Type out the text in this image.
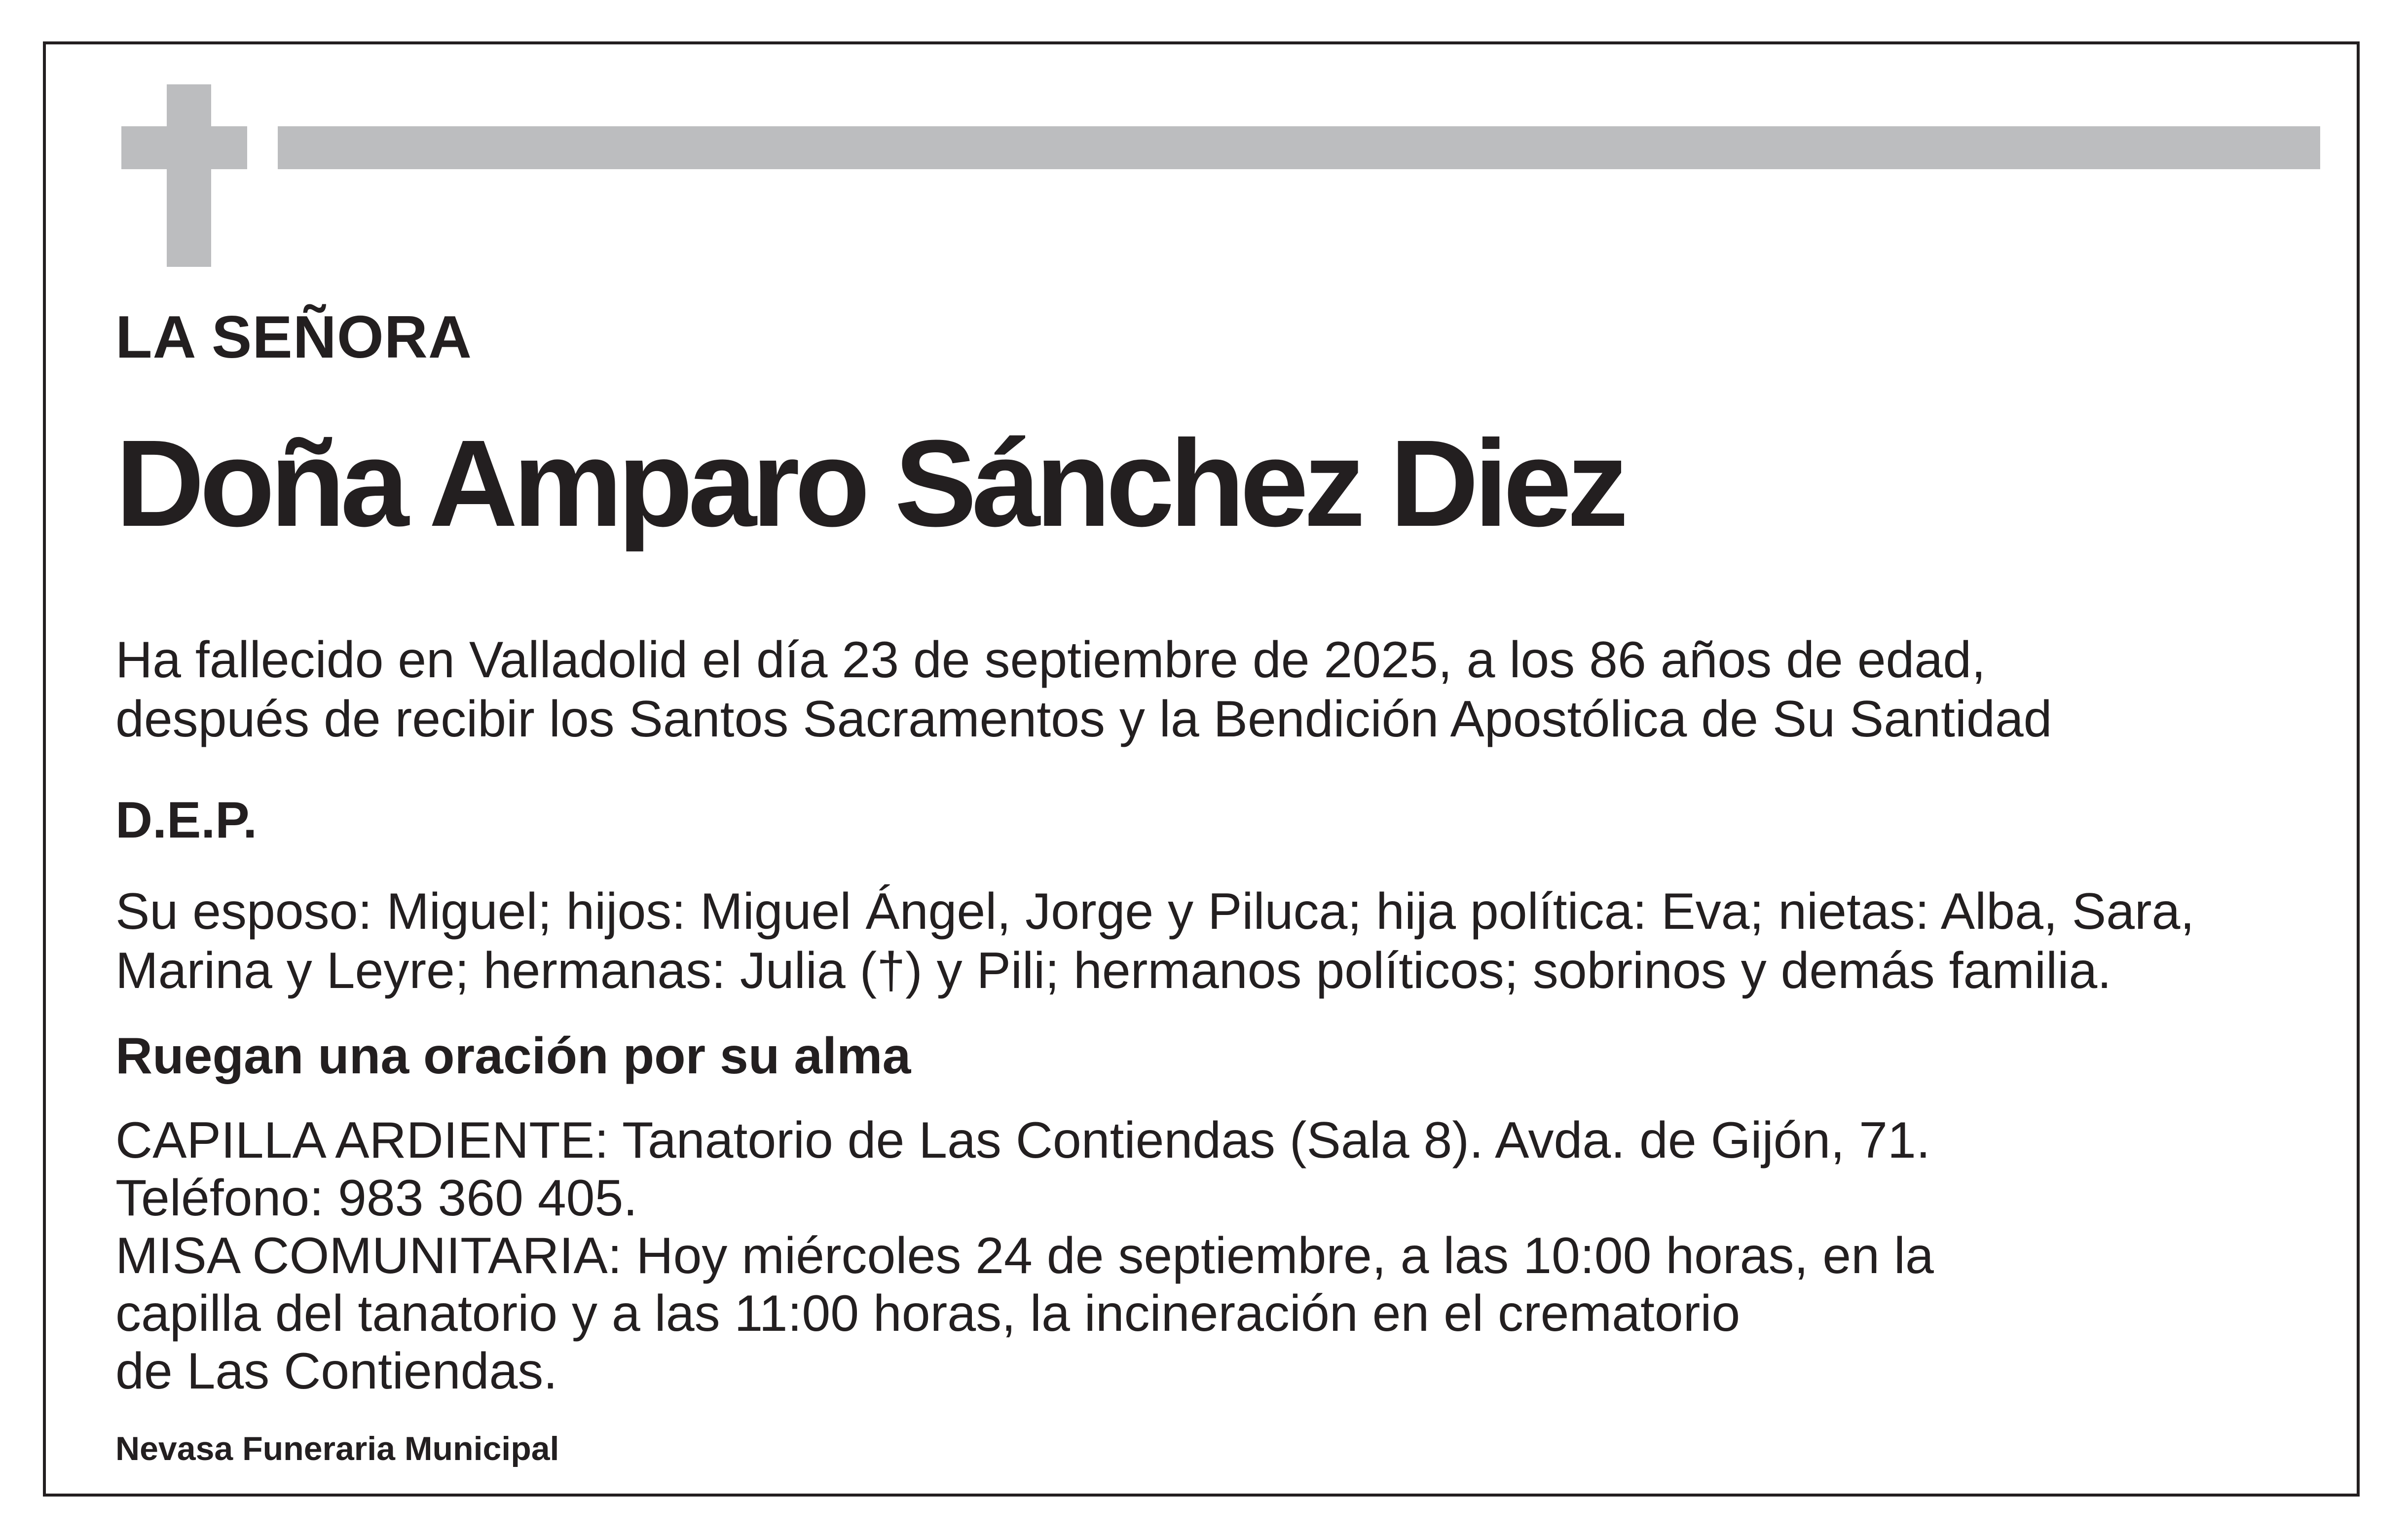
LA SEÑORA

Doña Amparo Sánchez Diez

Ha fallecido en Valladolid el día 23 de septiembre de 2025, a los 86 años de edad,

después de recibir los Santos Sacramentos y la Bendición Apostólica de Su Santidad

D.E.P.

Su esposo: Miguel; hijos: Miguel Ángel, Jorge y Piluca; hija política: Eva; nietas: Alba, Sara,

Marina y Leyre; hermanas: Julia (†) y Pili; hermanos políticos; sobrinos y demás familia.

Ruegan una oración por su alma

CAPILLA ARDIENTE: Tanatorio de Las Contiendas (Sala 8). Avda. de Gijón, 71.

Teléfono: 983 360 405.

MISA COMUNITARIA: Hoy miércoles 24 de septiembre, a las 10:00 horas, en la

capilla del tanatorio y a las 11:00 horas, la incineración en el crematorio

de Las Contiendas.

Nevasa Funeraria Municipal
